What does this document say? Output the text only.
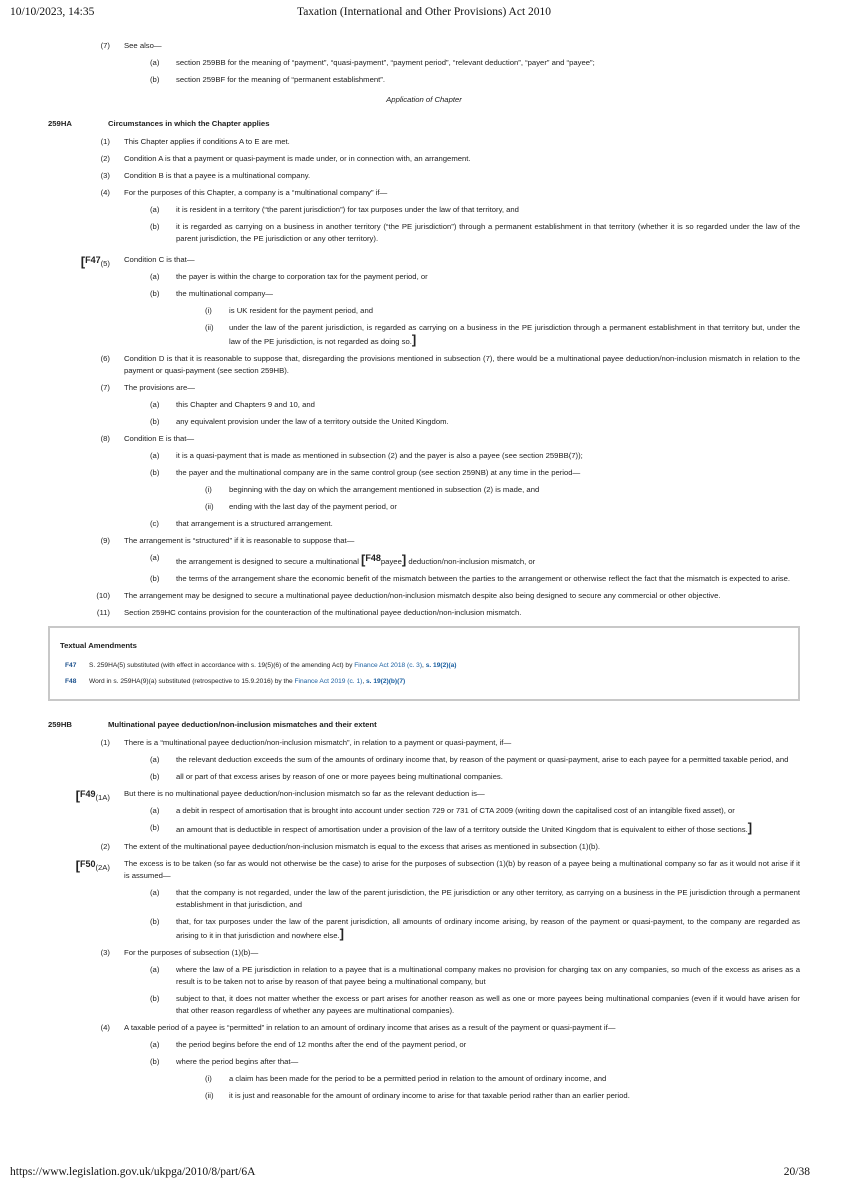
10/10/2023, 14:35	Taxation (International and Other Provisions) Act 2010
(7) See also—
(a) section 259BB for the meaning of “payment”, “quasi-payment”, “payment period”, “relevant deduction”, “payer” and “payee”;
(b) section 259BF for the meaning of “permanent establishment”.
Application of Chapter
259HA	Circumstances in which the Chapter applies
(1) This Chapter applies if conditions A to E are met.
(2) Condition A is that a payment or quasi-payment is made under, or in connection with, an arrangement.
(3) Condition B is that a payee is a multinational company.
(4) For the purposes of this Chapter, a company is a “multinational company” if—
(a) it is resident in a territory (“the parent jurisdiction”) for tax purposes under the law of that territory, and
(b) it is regarded as carrying on a business in another territory (“the PE jurisdiction”) through a permanent establishment in that territory (whether it is so regarded under the law of the parent jurisdiction, the PE jurisdiction or any other territory).
[F47(5) Condition C is that—
(a) the payer is within the charge to corporation tax for the payment period, or
(b) the multinational company—
(i) is UK resident for the payment period, and
(ii) under the law of the parent jurisdiction, is regarded as carrying on a business in the PE jurisdiction through a permanent establishment in that territory but, under the law of the PE jurisdiction, is not regarded as doing so.]
(6) Condition D is that it is reasonable to suppose that, disregarding the provisions mentioned in subsection (7), there would be a multinational payee deduction/non-inclusion mismatch in relation to the payment or quasi-payment (see section 259HB).
(7) The provisions are—
(a) this Chapter and Chapters 9 and 10, and
(b) any equivalent provision under the law of a territory outside the United Kingdom.
(8) Condition E is that—
(a) it is a quasi-payment that is made as mentioned in subsection (2) and the payer is also a payee (see section 259BB(7));
(b) the payer and the multinational company are in the same control group (see section 259NB) at any time in the period—
(i) beginning with the day on which the arrangement mentioned in subsection (2) is made, and
(ii) ending with the last day of the payment period, or
(c) that arrangement is a structured arrangement.
(9) The arrangement is “structured” if it is reasonable to suppose that—
(a) the arrangement is designed to secure a multinational [F48payee] deduction/non-inclusion mismatch, or
(b) the terms of the arrangement share the economic benefit of the mismatch between the parties to the arrangement or otherwise reflect the fact that the mismatch is expected to arise.
(10) The arrangement may be designed to secure a multinational payee deduction/non-inclusion mismatch despite also being designed to secure any commercial or other objective.
(11) Section 259HC contains provision for the counteraction of the multinational payee deduction/non-inclusion mismatch.
Textual Amendments
F47 S. 259HA(5) substituted (with effect in accordance with s. 19(5)(6) of the amending Act) by Finance Act 2018 (c. 3), s. 19(2)(a)
F48 Word in s. 259HA(9)(a) substituted (retrospective to 15.9.2016) by the Finance Act 2019 (c. 1), s. 19(2)(b)(7)
259HB	Multinational payee deduction/non-inclusion mismatches and their extent
(1) There is a “multinational payee deduction/non-inclusion mismatch”, in relation to a payment or quasi-payment, if—
(a) the relevant deduction exceeds the sum of the amounts of ordinary income that, by reason of the payment or quasi-payment, arise to each payee for a permitted taxable period, and
(b) all or part of that excess arises by reason of one or more payees being multinational companies.
[F49(1A) But there is no multinational payee deduction/non-inclusion mismatch so far as the relevant deduction is—
(a) a debit in respect of amortisation that is brought into account under section 729 or 731 of CTA 2009 (writing down the capitalised cost of an intangible fixed asset), or
(b) an amount that is deductible in respect of amortisation under a provision of the law of a territory outside the United Kingdom that is equivalent to either of those sections.]
(2) The extent of the multinational payee deduction/non-inclusion mismatch is equal to the excess that arises as mentioned in subsection (1)(b).
[F50(2A) The excess is to be taken (so far as would not otherwise be the case) to arise for the purposes of subsection (1)(b) by reason of a payee being a multinational company so far as it would not arise if it is assumed—
(a) that the company is not regarded, under the law of the parent jurisdiction, the PE jurisdiction or any other territory, as carrying on a business in the PE jurisdiction through a permanent establishment in that jurisdiction, and
(b) that, for tax purposes under the law of the parent jurisdiction, all amounts of ordinary income arising, by reason of the payment or quasi-payment, to the company are regarded as arising to it in that jurisdiction and nowhere else.]
(3) For the purposes of subsection (1)(b)—
(a) where the law of a PE jurisdiction in relation to a payee that is a multinational company makes no provision for charging tax on any companies, so much of the excess as arises as a result is to be taken not to arise by reason of that payee being a multinational company, but
(b) subject to that, it does not matter whether the excess or part arises for another reason as well as one or more payees being multinational companies (even if it would have arisen for that other reason regardless of whether any payees are multinational companies).
(4) A taxable period of a payee is “permitted” in relation to an amount of ordinary income that arises as a result of the payment or quasi-payment if—
(a) the period begins before the end of 12 months after the end of the payment period, or
(b) where the period begins after that—
(i) a claim has been made for the period to be a permitted period in relation to the amount of ordinary income, and
(ii) it is just and reasonable for the amount of ordinary income to arise for that taxable period rather than an earlier period.
https://www.legislation.gov.uk/ukpga/2010/8/part/6A	20/38
